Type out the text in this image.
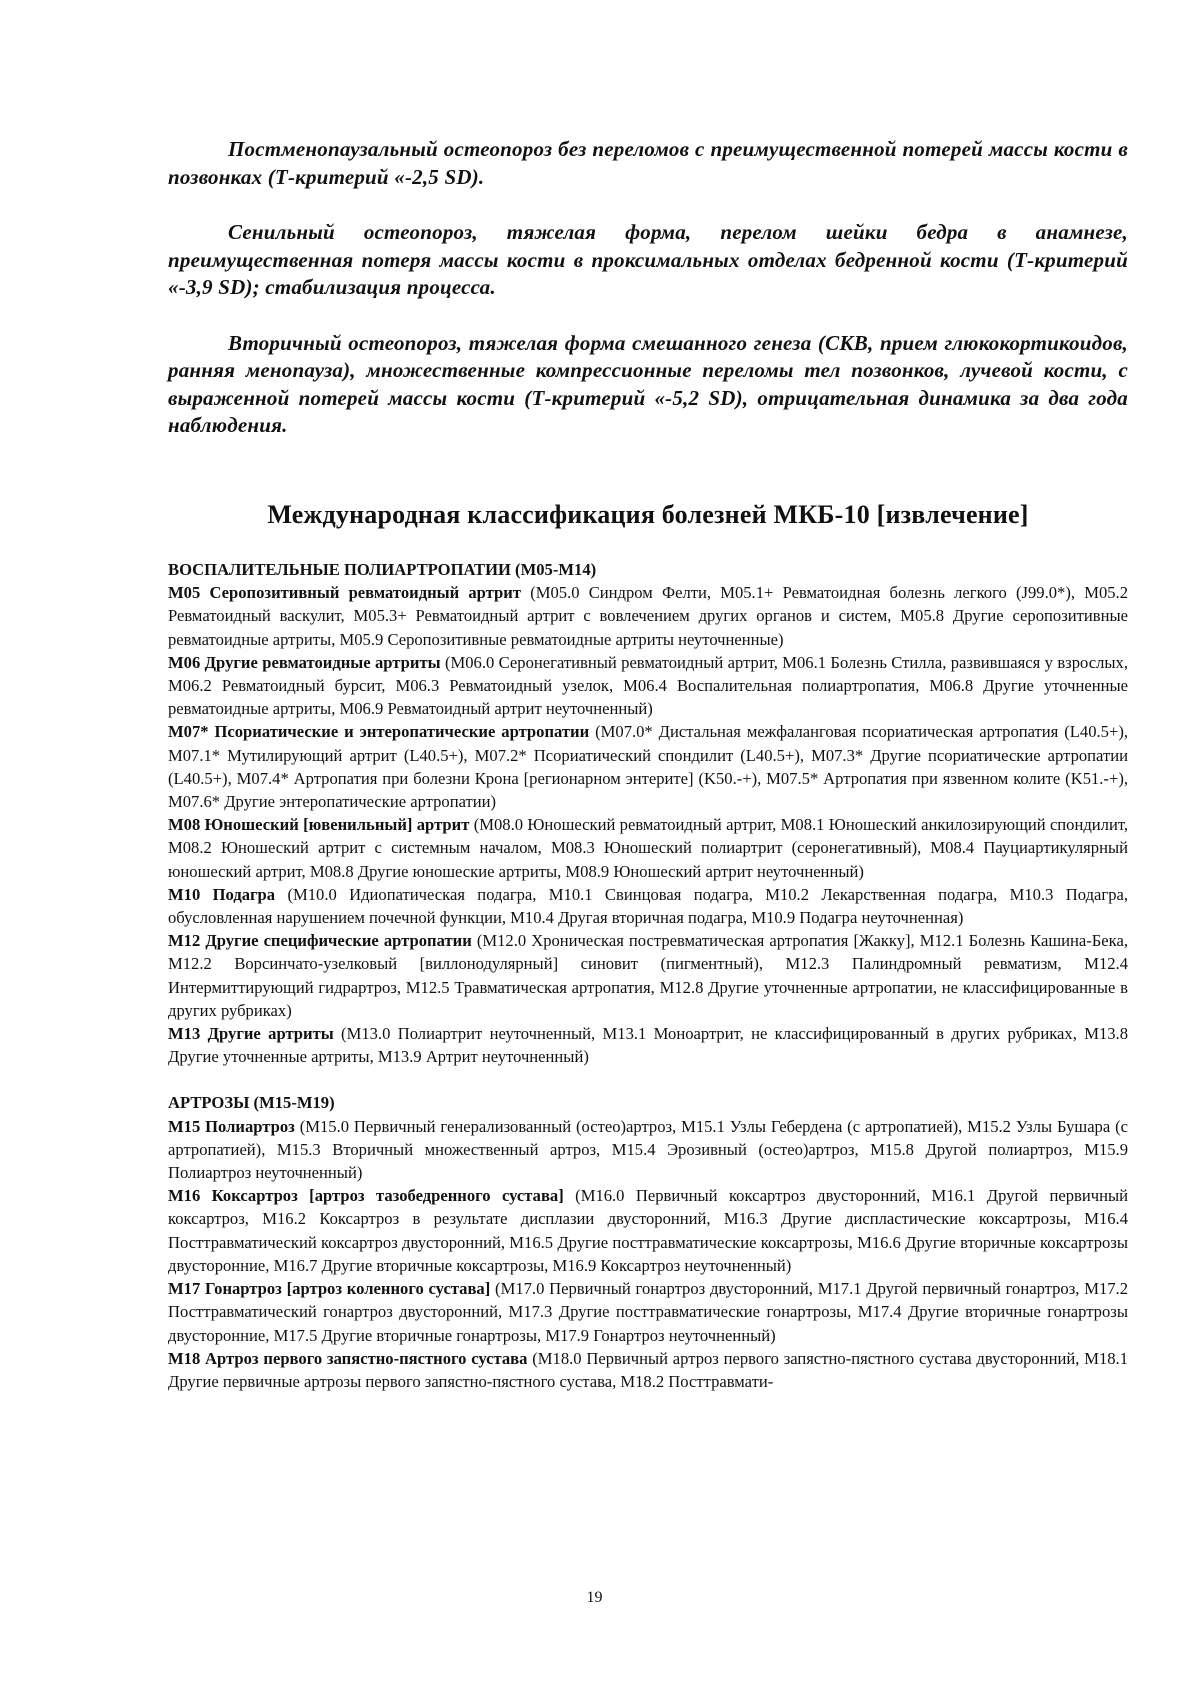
Постменопаузальный остеопороз без переломов с преимущественной потерей массы кости в позвонках (Т-критерий «-2,5 SD).

Сенильный остеопороз, тяжелая форма, перелом шейки бедра в анамнезе, преимущественная потеря массы кости в проксимальных отделах бедренной кости (Т-критерий «-3,9 SD); стабилизация процесса.

Вторичный остеопороз, тяжелая форма смешанного генеза (СКВ, прием глюкокортикоидов, ранняя менопауза), множественные компрессионные переломы тел позвонков, лучевой кости, с выраженной потерей массы кости (Т-критерий «-5,2 SD), отрицательная динамика за два года наблюдения.

Международная классификация болезней МКБ-10 [извлечение]
ВОСПАЛИТЕЛЬНЫЕ ПОЛИАРТРОПАТИИ (М05-М14)

М05 Серопозитивный ревматоидный артрит (М05.0 Синдром Фелти, М05.1+ Ревматоидная болезнь легкого (J99.0*), М05.2 Ревматоидный васкулит, М05.3+ Ревматоидный артрит с вовлечением других органов и систем, М05.8 Другие серопозитивные ревматоидные артриты, М05.9 Серопозитивные ревматоидные артриты неуточненные)

М06 Другие ревматоидные артриты (М06.0 Серонегативный ревматоидный артрит, М06.1 Болезнь Стилла, развившаяся у взрослых, М06.2 Ревматоидный бурсит, М06.3 Ревматоидный узелок, М06.4 Воспалительная полиартропатия, М06.8 Другие уточненные ревматоидные артриты, М06.9 Ревматоидный артрит неуточненный)

М07* Псориатические и энтеропатические артропатии (М07.0* Дистальная межфаланговая псориатическая артропатия (L40.5+), М07.1* Мутилирующий артрит (L40.5+), М07.2* Псориатический спондилит (L40.5+), М07.3* Другие псориатические артропатии (L40.5+), М07.4* Артропатия при болезни Крона [регионарном энтерите] (K50.-+), М07.5* Артропатия при язвенном колите (K51.-+), М07.6* Другие энтеропатические артропатии)

М08 Юношеский [ювенильный] артрит (М08.0 Юношеский ревматоидный артрит, М08.1 Юношеский анкилозирующий спондилит, М08.2 Юношеский артрит с системным началом, М08.3 Юношеский полиартрит (серонегативный), М08.4 Пауциартикулярный юношеский артрит, М08.8 Другие юношеские артриты, М08.9 Юношеский артрит неуточненный)

М10 Подагра (М10.0 Идиопатическая подагра, М10.1 Свинцовая подагра, М10.2 Лекарственная подагра, М10.3 Подагра, обусловленная нарушением почечной функции, М10.4 Другая вторичная подагра, М10.9 Подагра неуточненная)

М12 Другие специфические артропатии (М12.0 Хроническая постревматическая артропатия [Жакку], М12.1 Болезнь Кашина-Бека, М12.2 Ворсинчато-узелковый [виллонодулярный] синовит (пигментный), М12.3 Палиндромный ревматизм, М12.4 Интермиттирующий гидрартроз, М12.5 Травматическая артропатия, М12.8 Другие уточненные артропатии, не классифицированные в других рубриках)

М13 Другие артриты (М13.0 Полиартрит неуточненный, М13.1 Моноартрит, не классифицированный в других рубриках, М13.8 Другие уточненные артриты, М13.9 Артрит неуточненный)

АРТРОЗЫ (М15-М19)

М15 Полиартроз (М15.0 Первичный генерализованный (остео)артроз, М15.1 Узлы Гебердена (с артропатией), М15.2 Узлы Бушара (с артропатией), М15.3 Вторичный множественный артроз, М15.4 Эрозивный (остео)артроз, М15.8 Другой полиартроз, М15.9 Полиартроз неуточненный)

М16 Коксартроз [артроз тазобедренного сустава] (М16.0 Первичный коксартроз двусторонний, М16.1 Другой первичный коксартроз, М16.2 Коксартроз в результате дисплазии двусторонний, М16.3 Другие диспластические коксартрозы, М16.4 Посттравматический коксартроз двусторонний, М16.5 Другие посттравматические коксартрозы, М16.6 Другие вторичные коксартрозы двусторонние, М16.7 Другие вторичные коксартрозы, М16.9 Коксартроз неуточненный)

М17 Гонартроз [артроз коленного сустава] (М17.0 Первичный гонартроз двусторонний, М17.1 Другой первичный гонартроз, М17.2 Посттравматический гонартроз двусторонний, М17.3 Другие посттравматические гонартрозы, М17.4 Другие вторичные гонартрозы двусторонние, М17.5 Другие вторичные гонартрозы, М17.9 Гонартроз неуточненный)

М18 Артроз первого запястно-пястного сустава (М18.0 Первичный артроз первого запястно-пястного сустава двусторонний, М18.1 Другие первичные артрозы первого запястно-пястного сустава, М18.2 Посттравмати-

19
